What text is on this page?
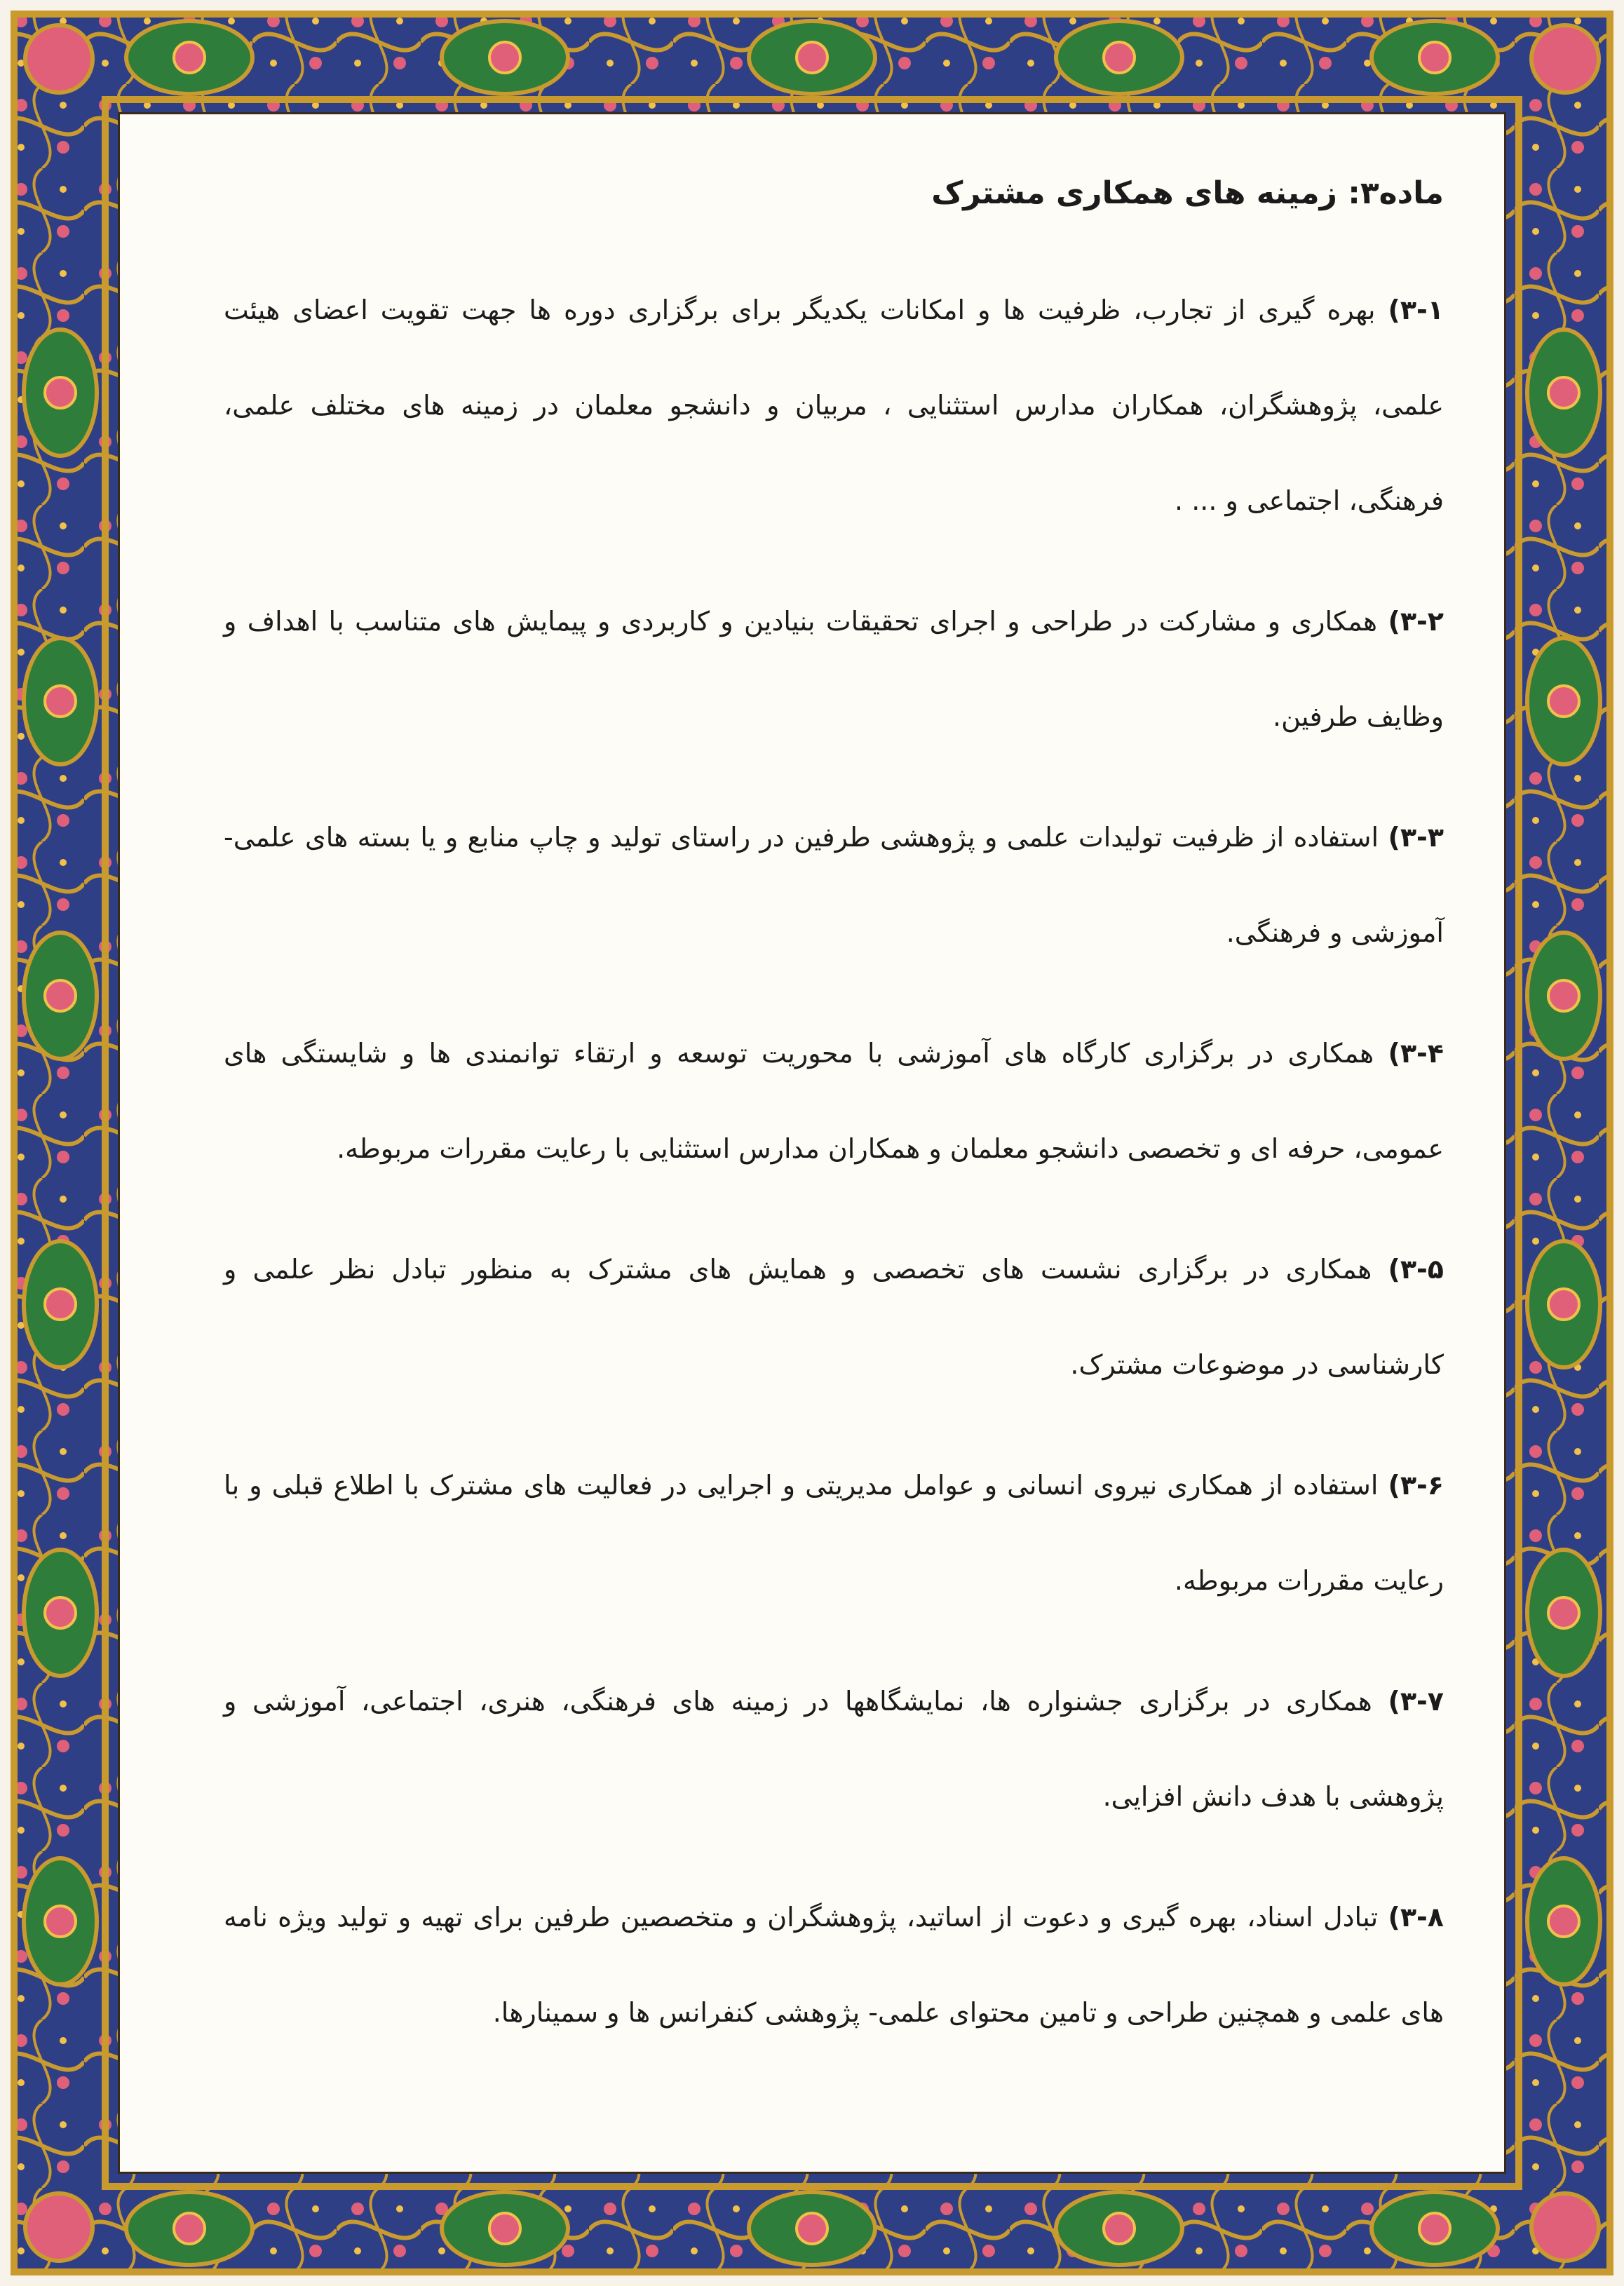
ماده۳: زمینه های همکاری مشترک

۳-۱) بهره گیری از تجارب، ظرفیت ها و امکانات یکدیگر برای برگزاری دوره ها جهت تقویت اعضای هیئت علمی، پژوهشگران، همکاران مدارس استثنایی ، مربیان و دانشجو معلمان در زمینه های مختلف علمی، فرهنگی، اجتماعی و ... .

۳-۲) همکاری و مشارکت در طراحی و اجرای تحقیقات بنیادین و کاربردی و پیمایش های متناسب با اهداف و وظایف طرفین.

۳-۳) استفاده از ظرفیت تولیدات علمی و پژوهشی طرفین در راستای تولید و چاپ منابع و یا بسته های علمی-آموزشی و فرهنگی.

۳-۴) همکاری در برگزاری کارگاه های آموزشی با محوریت توسعه و ارتقاء توانمندی ها و شایستگی های عمومی، حرفه ای و تخصصی دانشجو معلمان و همکاران مدارس استثنایی با رعایت مقررات مربوطه.

۳-۵) همکاری در برگزاری نشست های تخصصی و همایش های مشترک به منظور تبادل نظر علمی و کارشناسی در موضوعات مشترک.

۳-۶) استفاده از همکاری نیروی انسانی و عوامل مدیریتی و اجرایی در فعالیت های مشترک با اطلاع قبلی و با رعایت مقررات مربوطه.

۳-۷) همکاری در برگزاری جشنواره ها، نمایشگاهها در زمینه های فرهنگی، هنری، اجتماعی، آموزشی و پژوهشی با هدف دانش افزایی.

۳-۸) تبادل اسناد، بهره گیری و دعوت از اساتید، پژوهشگران و متخصصین طرفین برای تهیه و تولید ویژه نامه های علمی و همچنین طراحی و تامین محتوای علمی- پژوهشی کنفرانس ها و سمینارها.
